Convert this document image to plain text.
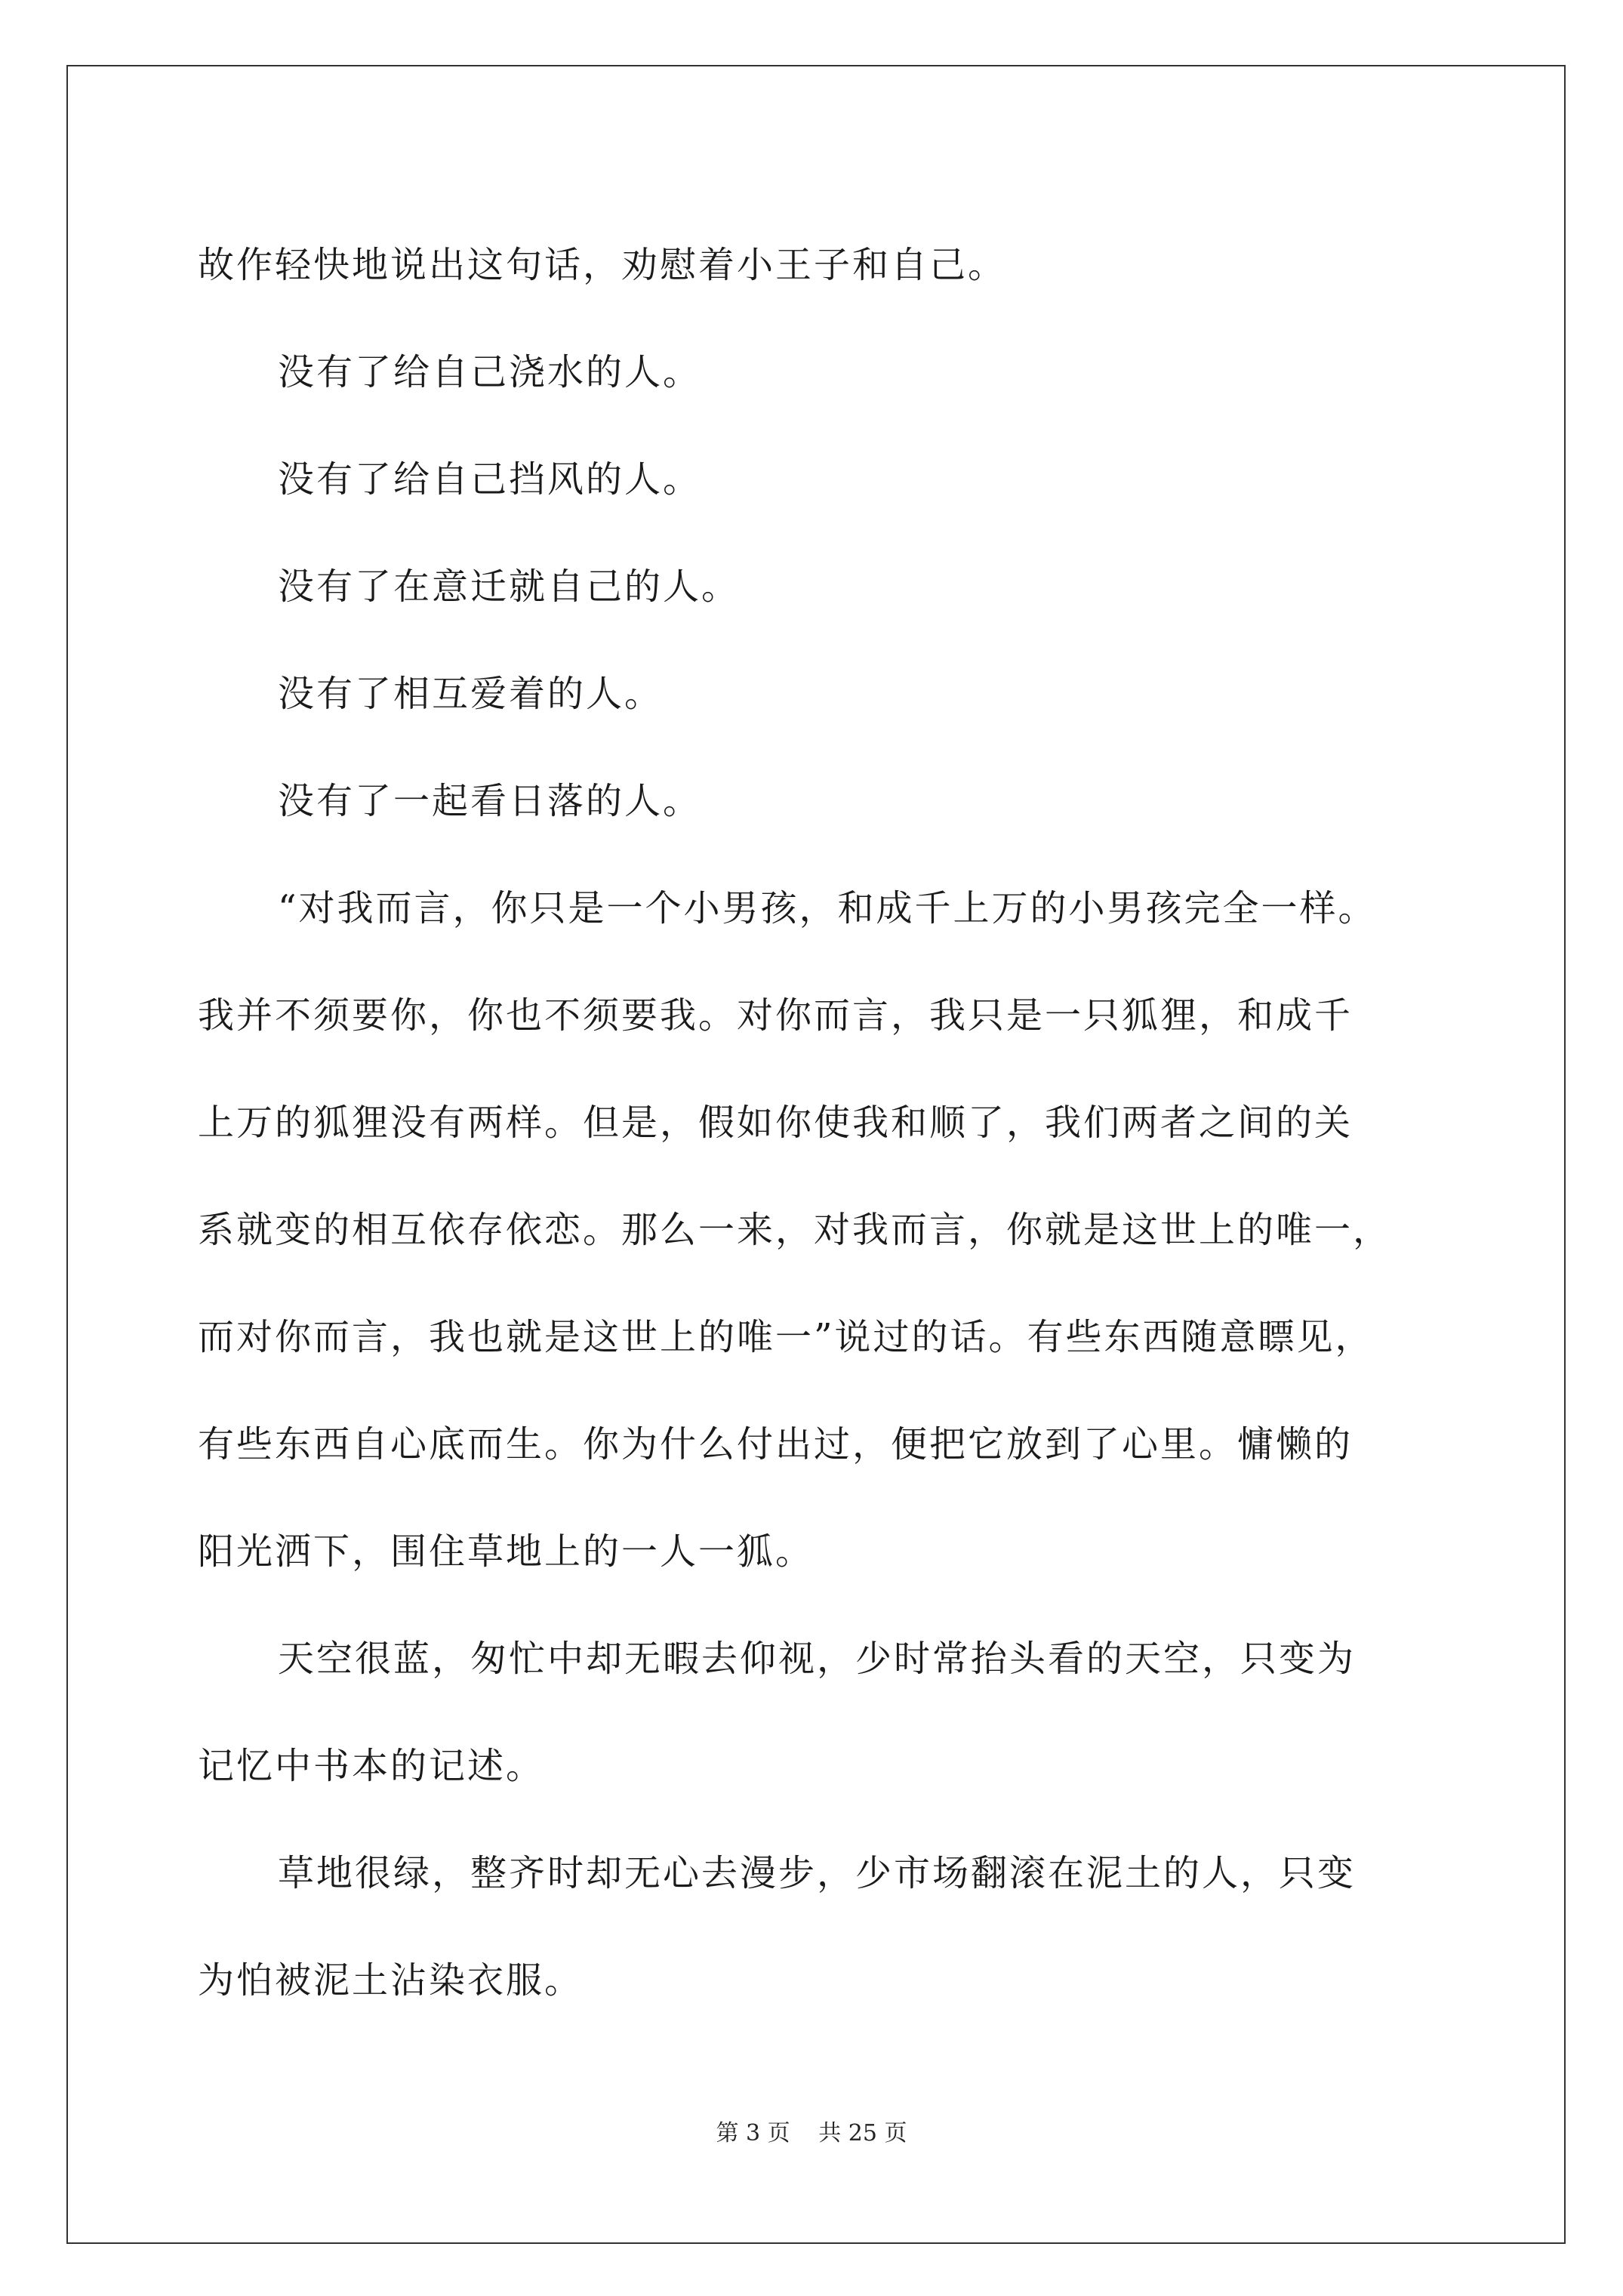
故作轻快地说出这句话，劝慰着小王子和自己。
没有了给自己浇水的人。
没有了给自己挡风的人。
没有了在意迁就自己的人。
没有了相互爱着的人。
没有了一起看日落的人。
“对我而言，你只是一个小男孩，和成千上万的小男孩完全一样。
我并不须要你，你也不须要我。对你而言，我只是一只狐狸，和成千
上万的狐狸没有两样。但是，假如你使我和顺了，我们两者之间的关
系就变的相互依存依恋。那么一来，对我而言，你就是这世上的唯一，
而对你而言，我也就是这世上的唯一”说过的话。有些东西随意瞟见，
有些东西自心底而生。你为什么付出过，便把它放到了心里。慵懒的
阳光洒下，围住草地上的一人一狐。
天空很蓝，匆忙中却无暇去仰视，少时常抬头看的天空，只变为
记忆中书本的记述。
草地很绿，整齐时却无心去漫步，少市场翻滚在泥土的人，只变
为怕被泥土沾染衣服。
第 3 页 共 25 页
